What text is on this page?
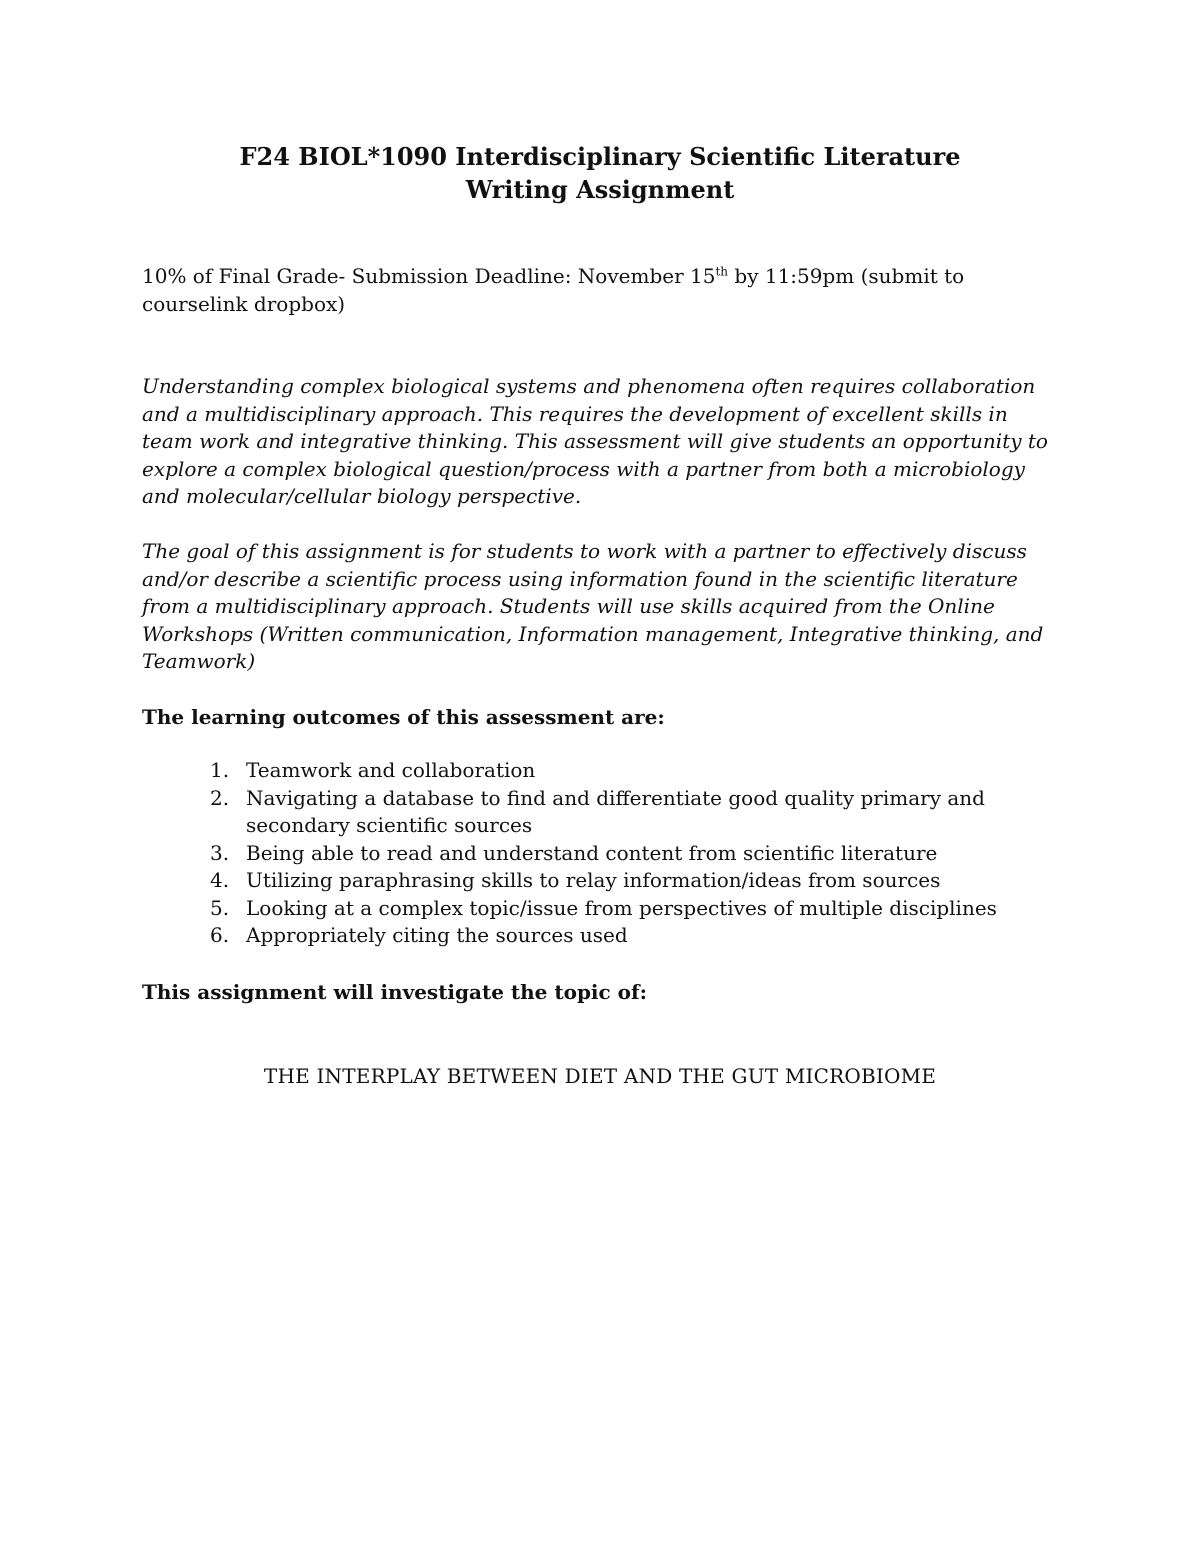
F24 BIOL*1090 Interdisciplinary Scientific Literature
Writing Assignment
10% of Final Grade- Submission Deadline: November 15th by 11:59pm (submit to courselink dropbox)
Understanding complex biological systems and phenomena often requires collaboration and a multidisciplinary approach. This requires the development of excellent skills in team work and integrative thinking. This assessment will give students an opportunity to explore a complex biological question/process with a partner from both a microbiology and molecular/cellular biology perspective.
The goal of this assignment is for students to work with a partner to effectively discuss and/or describe a scientific process using information found in the scientific literature from a multidisciplinary approach. Students will use skills acquired from the Online Workshops (Written communication, Information management, Integrative thinking, and Teamwork)
The learning outcomes of this assessment are:
1. Teamwork and collaboration
2. Navigating a database to find and differentiate good quality primary and secondary scientific sources
3. Being able to read and understand content from scientific literature
4. Utilizing paraphrasing skills to relay information/ideas from sources
5. Looking at a complex topic/issue from perspectives of multiple disciplines
6. Appropriately citing the sources used
This assignment will investigate the topic of:
THE INTERPLAY BETWEEN DIET AND THE GUT MICROBIOME
